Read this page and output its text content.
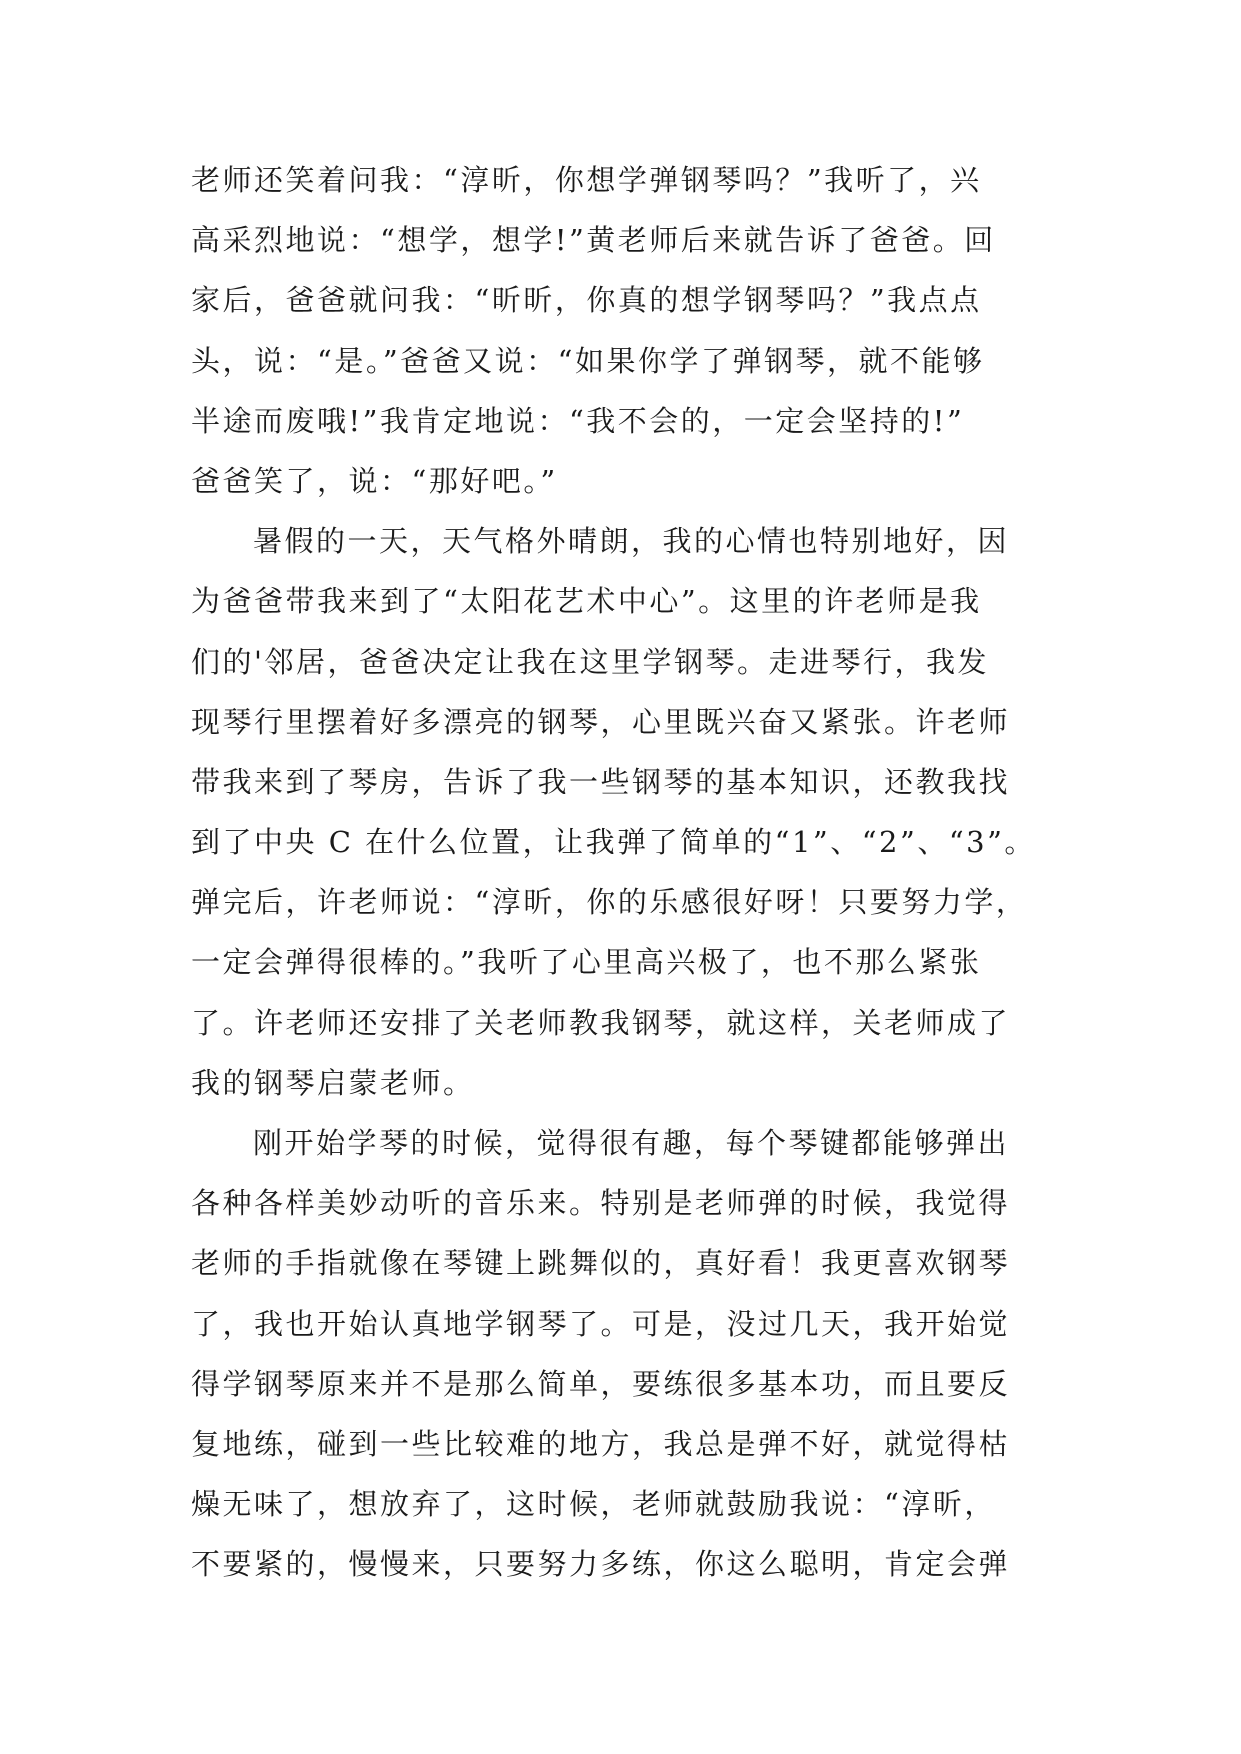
老师还笑着问我：“淳昕，你想学弹钢琴吗？”我听了，兴
高采烈地说：“想学，想学!”黄老师后来就告诉了爸爸。回
家后，爸爸就问我：“昕昕，你真的想学钢琴吗？”我点点
头，说：“是。”爸爸又说：“如果你学了弹钢琴，就不能够
半途而废哦!”我肯定地说：“我不会的，一定会坚持的!”
爸爸笑了，说：“那好吧。”
暑假的一天，天气格外晴朗，我的心情也特别地好，因
为爸爸带我来到了“太阳花艺术中心”。这里的许老师是我
们的'邻居，爸爸决定让我在这里学钢琴。走进琴行，我发
现琴行里摆着好多漂亮的钢琴，心里既兴奋又紧张。许老师
带我来到了琴房，告诉了我一些钢琴的基本知识，还教我找
到了中央 C 在什么位置，让我弹了简单的“1”、“2”、“3”。
弹完后，许老师说：“淳昕，你的乐感很好呀！只要努力学，
一定会弹得很棒的。”我听了心里高兴极了，也不那么紧张
了。许老师还安排了关老师教我钢琴，就这样，关老师成了
我的钢琴启蒙老师。
刚开始学琴的时候，觉得很有趣，每个琴键都能够弹出
各种各样美妙动听的音乐来。特别是老师弹的时候，我觉得
老师的手指就像在琴键上跳舞似的，真好看！我更喜欢钢琴
了，我也开始认真地学钢琴了。可是，没过几天，我开始觉
得学钢琴原来并不是那么简单，要练很多基本功，而且要反
复地练，碰到一些比较难的地方，我总是弹不好，就觉得枯
燥无味了，想放弃了，这时候，老师就鼓励我说：“淳昕，
不要紧的，慢慢来，只要努力多练，你这么聪明，肯定会弹
